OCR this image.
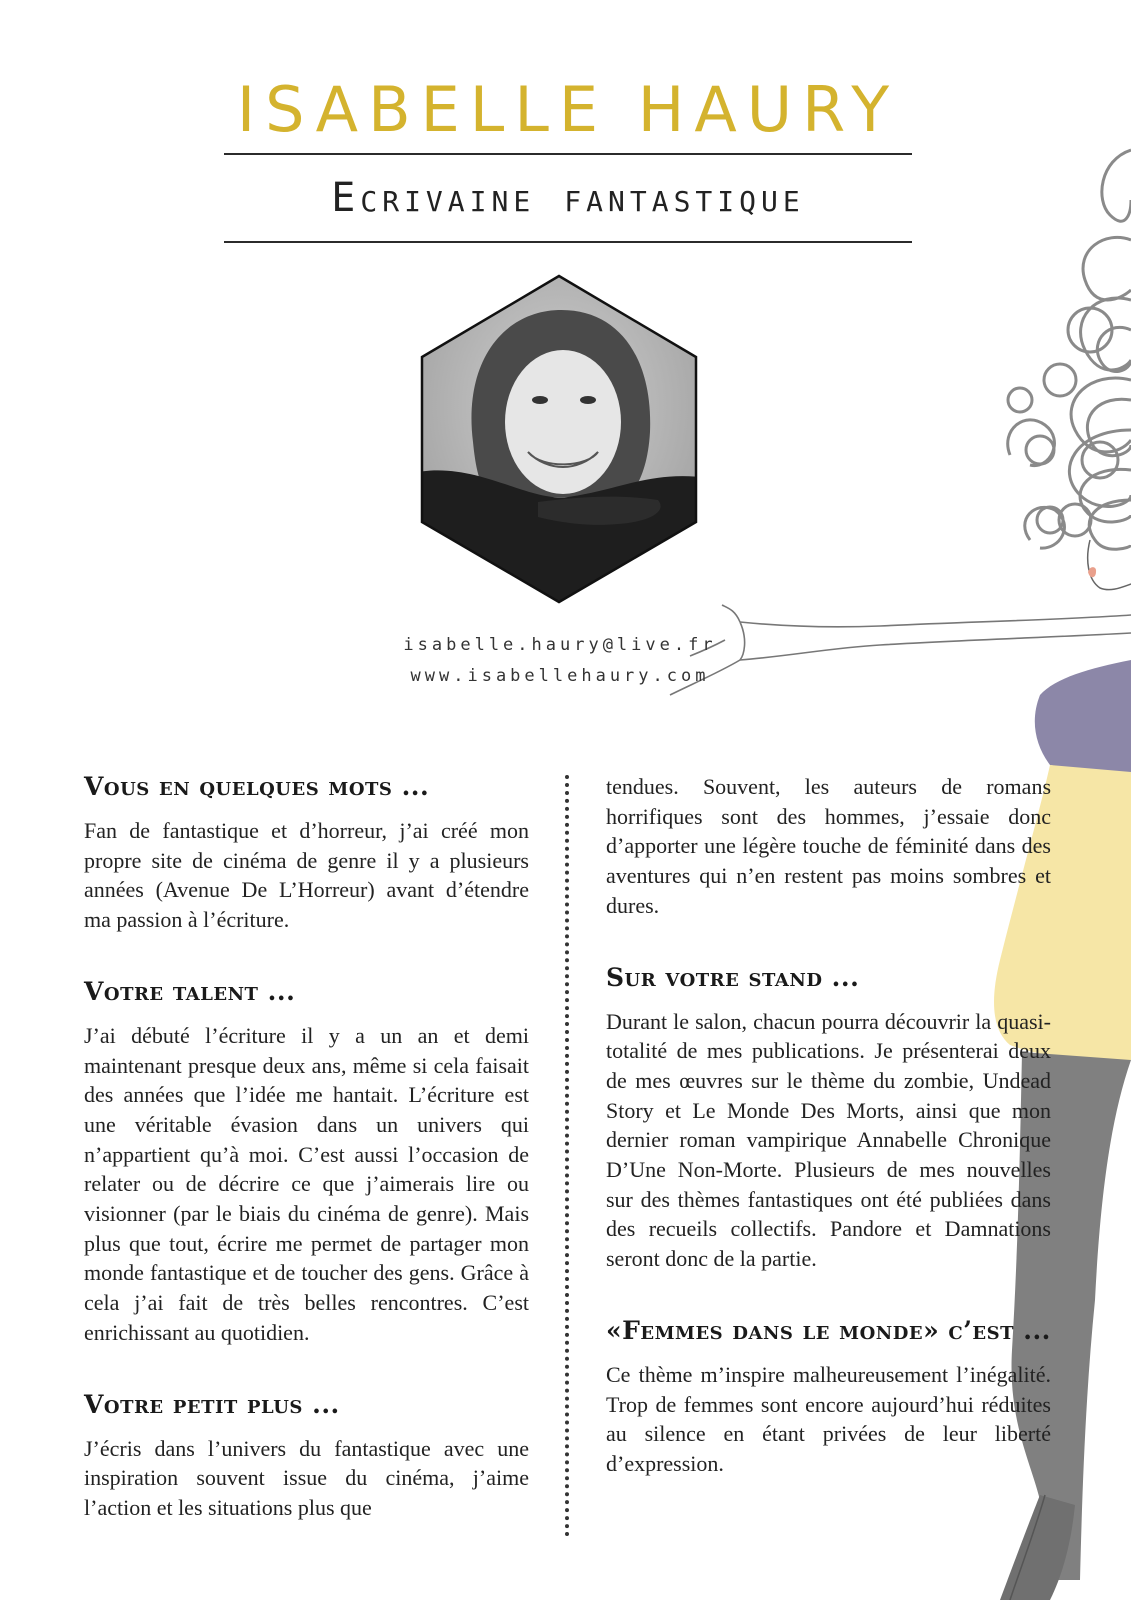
ISABELLE HAURY
Ecrivaine fantastique
isabelle.haury@live.fr
www.isabellehaury.com
Vous en quelques mots ...

Fan de fantastique et d’horreur, j’ai créé mon propre site de cinéma de genre il y a plusieurs années (Avenue De L’Horreur) avant d’étendre ma passion à l’écriture.

Votre talent ...

J’ai débuté l’écriture il y a un an et demi maintenant presque deux ans, même si cela faisait des années que l’idée me hantait. L’écriture est une véritable évasion dans un univers qui n’appartient qu’à moi. C’est aussi l’occasion de relater ou de décrire ce que j’aimerais lire ou visionner (par le biais du cinéma de genre). Mais plus que tout, écrire me permet de partager mon monde fantastique et de toucher des gens. Grâce à cela j’ai fait de très belles rencontres. C’est enrichissant au quotidien.

Votre petit plus ...

J’écris dans l’univers du fantastique avec une inspiration souvent issue du cinéma, j’aime l’action et les situations plus que

tendues. Souvent, les auteurs de romans horrifiques sont des hommes, j’essaie donc d’apporter une légère touche de féminité dans des aventures qui n’en restent pas moins sombres et dures.

Sur votre stand ...

Durant le salon, chacun pourra découvrir la quasi-totalité de mes publications. Je présenterai deux de mes œuvres sur le thème du zombie, Undead Story et Le Monde Des Morts, ainsi que mon dernier roman vampirique Annabelle Chronique D’Une Non-Morte. Plusieurs de mes nouvelles sur des thèmes fantastiques ont été publiées dans des recueils collectifs. Pandore et Damnations seront donc de la partie.

«Femmes dans le monde» c’est ...

Ce thème m’inspire malheureusement l’inégalité. Trop de femmes sont encore aujourd’hui réduites au silence en étant privées de leur liberté d’expression.
